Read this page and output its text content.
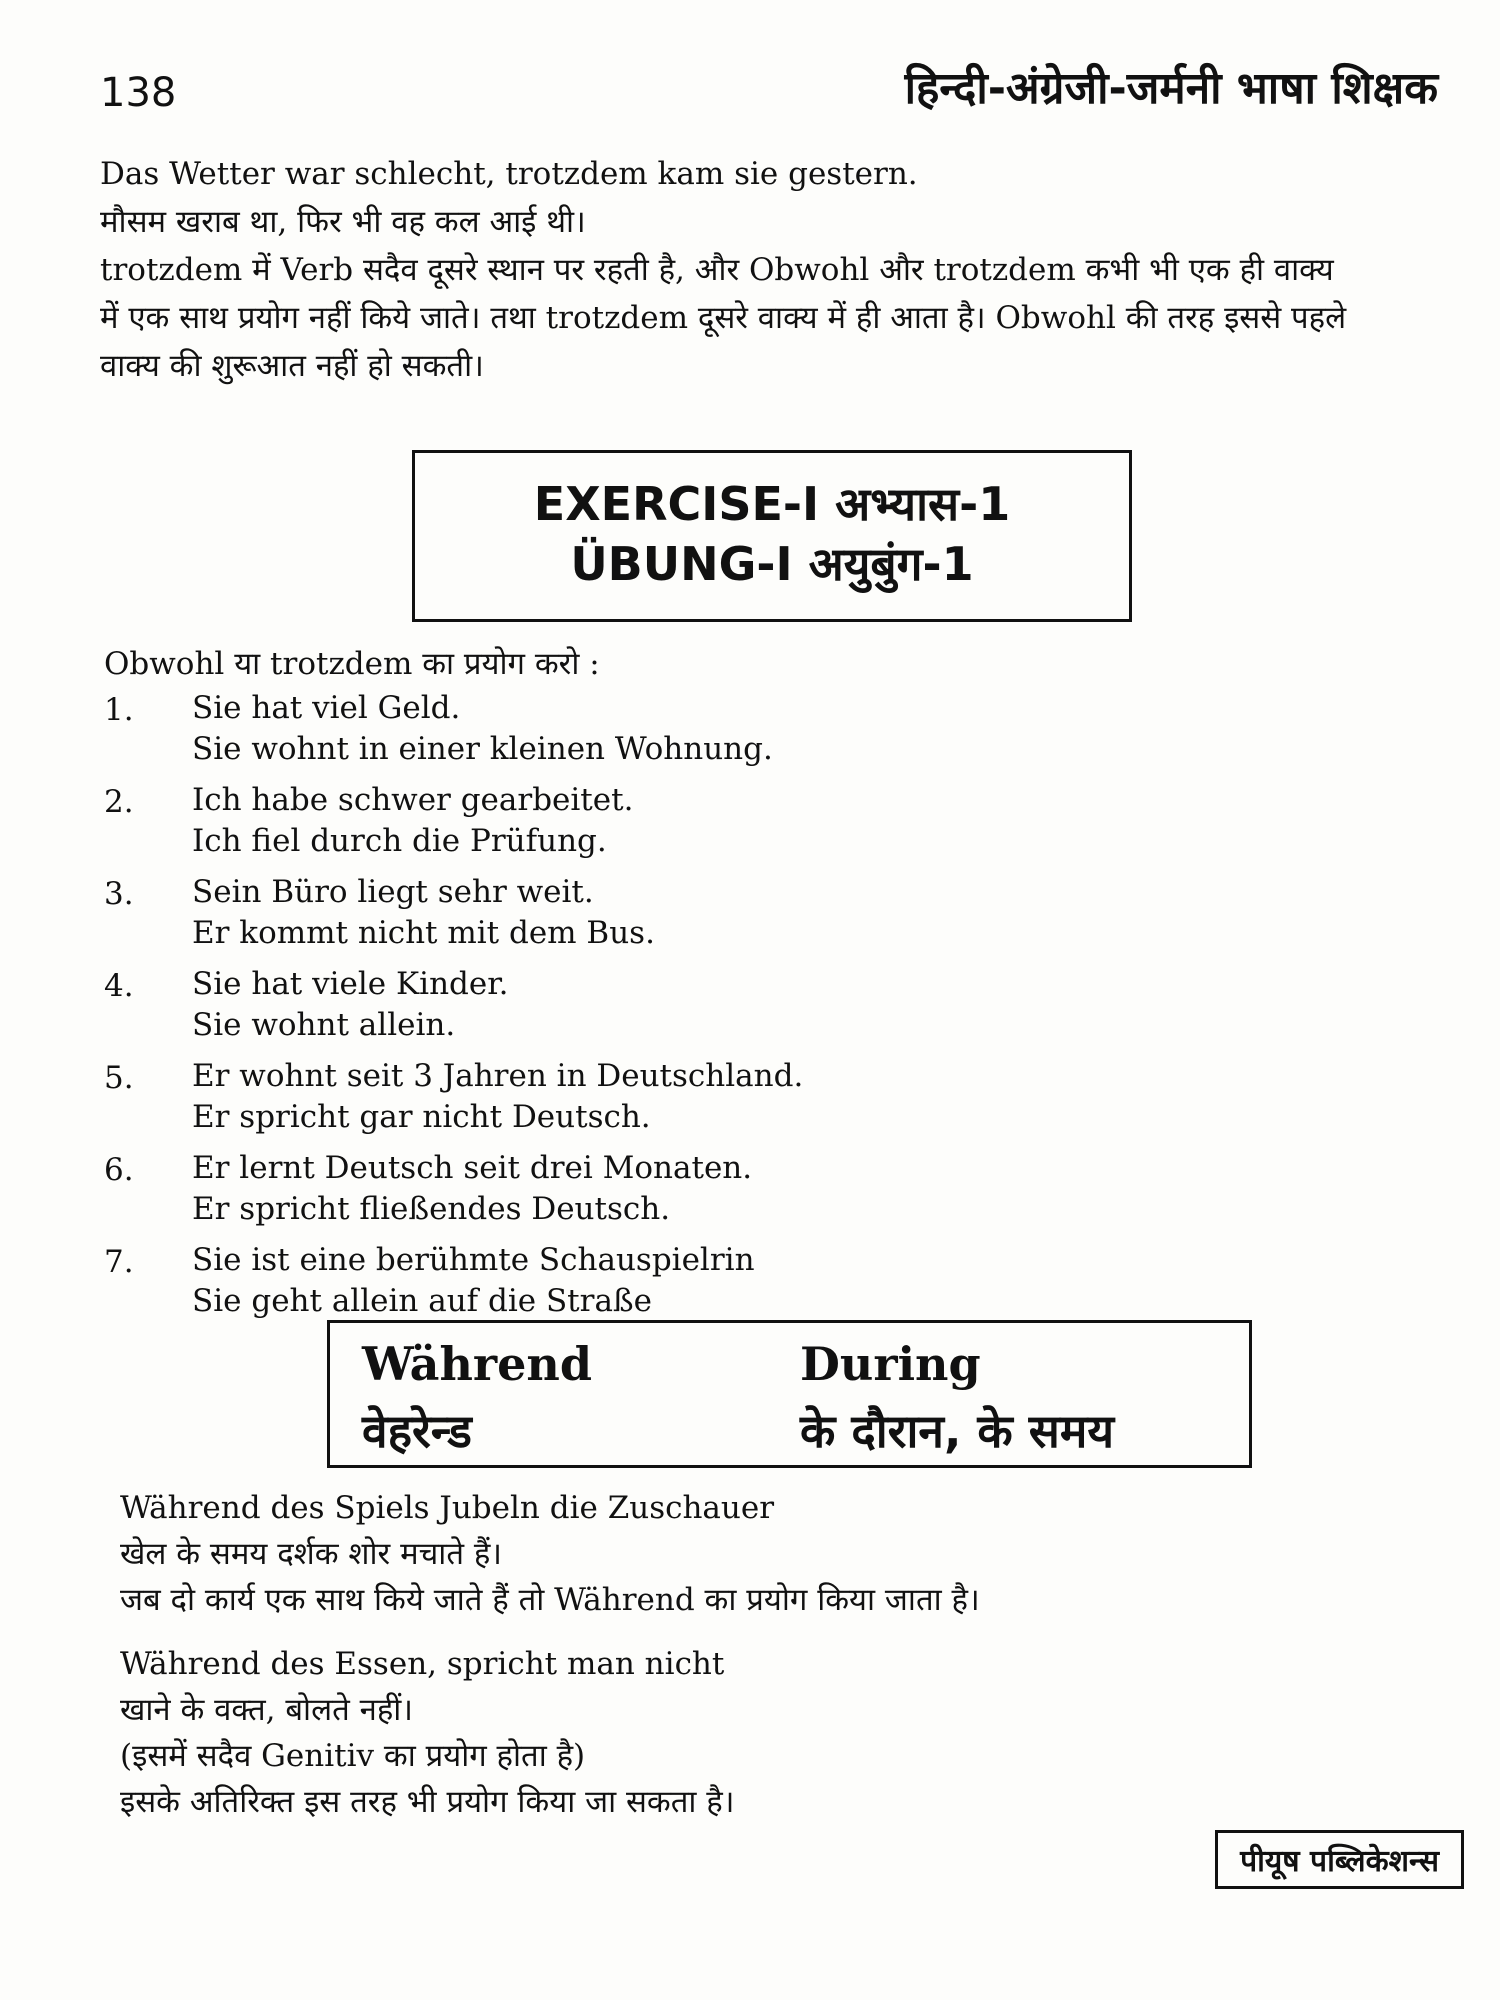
138	हिन्दी-अंग्रेजी-जर्मनी भाषा शिक्षक

Das Wetter war schlecht, trotzdem kam sie gestern.

मौसम खराब था, फिर भी वह कल आई थी।

trotzdem में Verb सदैव दूसरे स्थान पर रहती है, और Obwohl और trotzdem कभी भी एक ही वाक्य में एक साथ प्रयोग नहीं किये जाते। तथा trotzdem दूसरे वाक्य में ही आता है। Obwohl की तरह इससे पहले वाक्य की शुरूआत नहीं हो सकती।

EXERCISE-I अभ्यास-1
ÜBUNG-I अयुबुंग-1
Obwohl या trotzdem का प्रयोग करो :
1.	Sie hat viel Geld.
Sie wohnt in einer kleinen Wohnung.
2.	Ich habe schwer gearbeitet.
Ich fiel durch die Prüfung.
3.	Sein Büro liegt sehr weit.
Er kommt nicht mit dem Bus.
4.	Sie hat viele Kinder.
Sie wohnt allein.
5.	Er wohnt seit 3 Jahren in Deutschland.
Er spricht gar nicht Deutsch.
6.	Er lernt Deutsch seit drei Monaten.
Er spricht fließendes Deutsch.
7.	Sie ist eine berühmte Schauspielrin
Sie geht allein auf die Straße
Während	During
वेहरेन्ड	के दौरान, के समय

Während des Spiels Jubeln die Zuschauer

खेल के समय दर्शक शोर मचाते हैं।

जब दो कार्य एक साथ किये जाते हैं तो Während का प्रयोग किया जाता है।

Während des Essen, spricht man nicht

खाने के वक्त, बोलते नहीं।

(इसमें सदैव Genitiv का प्रयोग होता है)

इसके अतिरिक्त इस तरह भी प्रयोग किया जा सकता है।

पीयूष पब्लिकेशन्स
